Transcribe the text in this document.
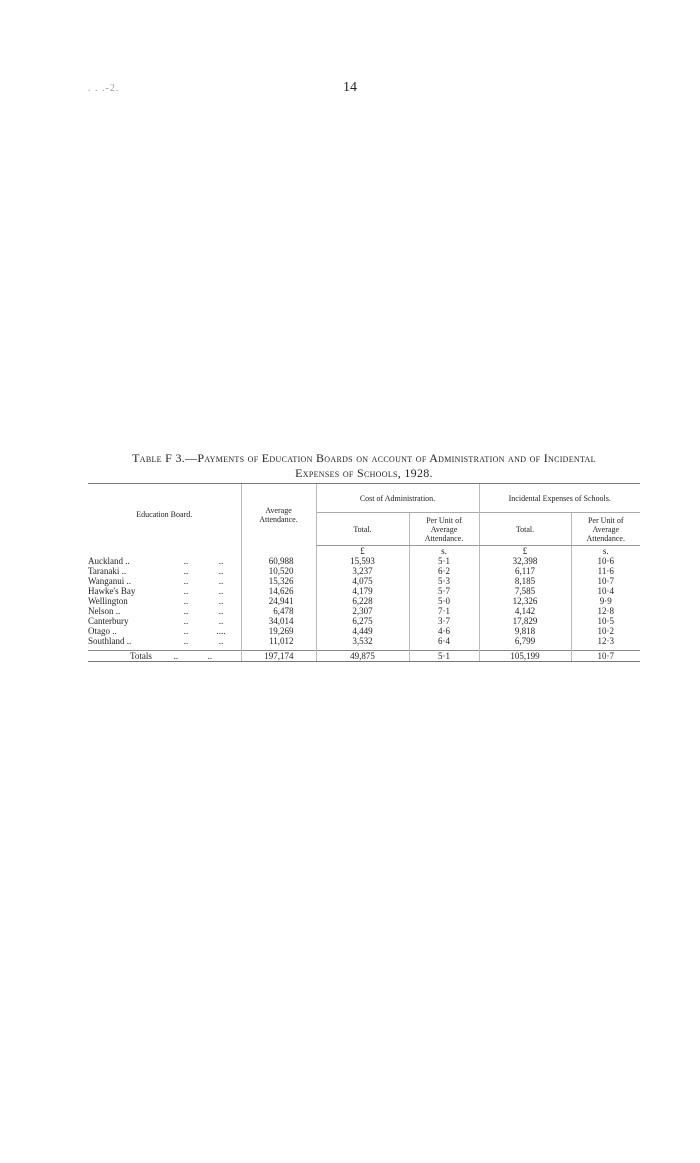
. . .-2.	14
Table F 3.—Payments of Education Boards on account of Administration and of Incidental
Expenses of Schools, 1928.
Education Board.	Average
Attendance.	Cost of Administration.		Incidental Expenses of Schools.	
		Total.	Per Unit of
Average
Attendance.	Total.	Per Unit of
Average
Attendance.
		£	s.	£	s.
Auckland .. .. ..	60,988	15,593	5·1	32,398	10·6
Taranaki .. .. ..	10,520	3,237	6·2	6,117	11·6
Wanganui .. .. ..	15,326	4,075	5·3	8,185	10·7
Hawke's Bay .. ..	14,626	4,179	5·7	7,585	10·4
Wellington .. ..	24,941	6,228	5·0	12,326	9·9
Nelson .. .. ..	6,478	2,307	7·1	4,142	12·8
Canterbury .. ..	34,014	6,275	3·7	17,829	10·5
Otago .. .. ....	19,269	4,449	4·6	9,818	10·2
Southland .. .. ..	11,012	3,532	6·4	6,799	12·3

Totals .. ..	197,174	49,875	5·1	105,199	10·7
